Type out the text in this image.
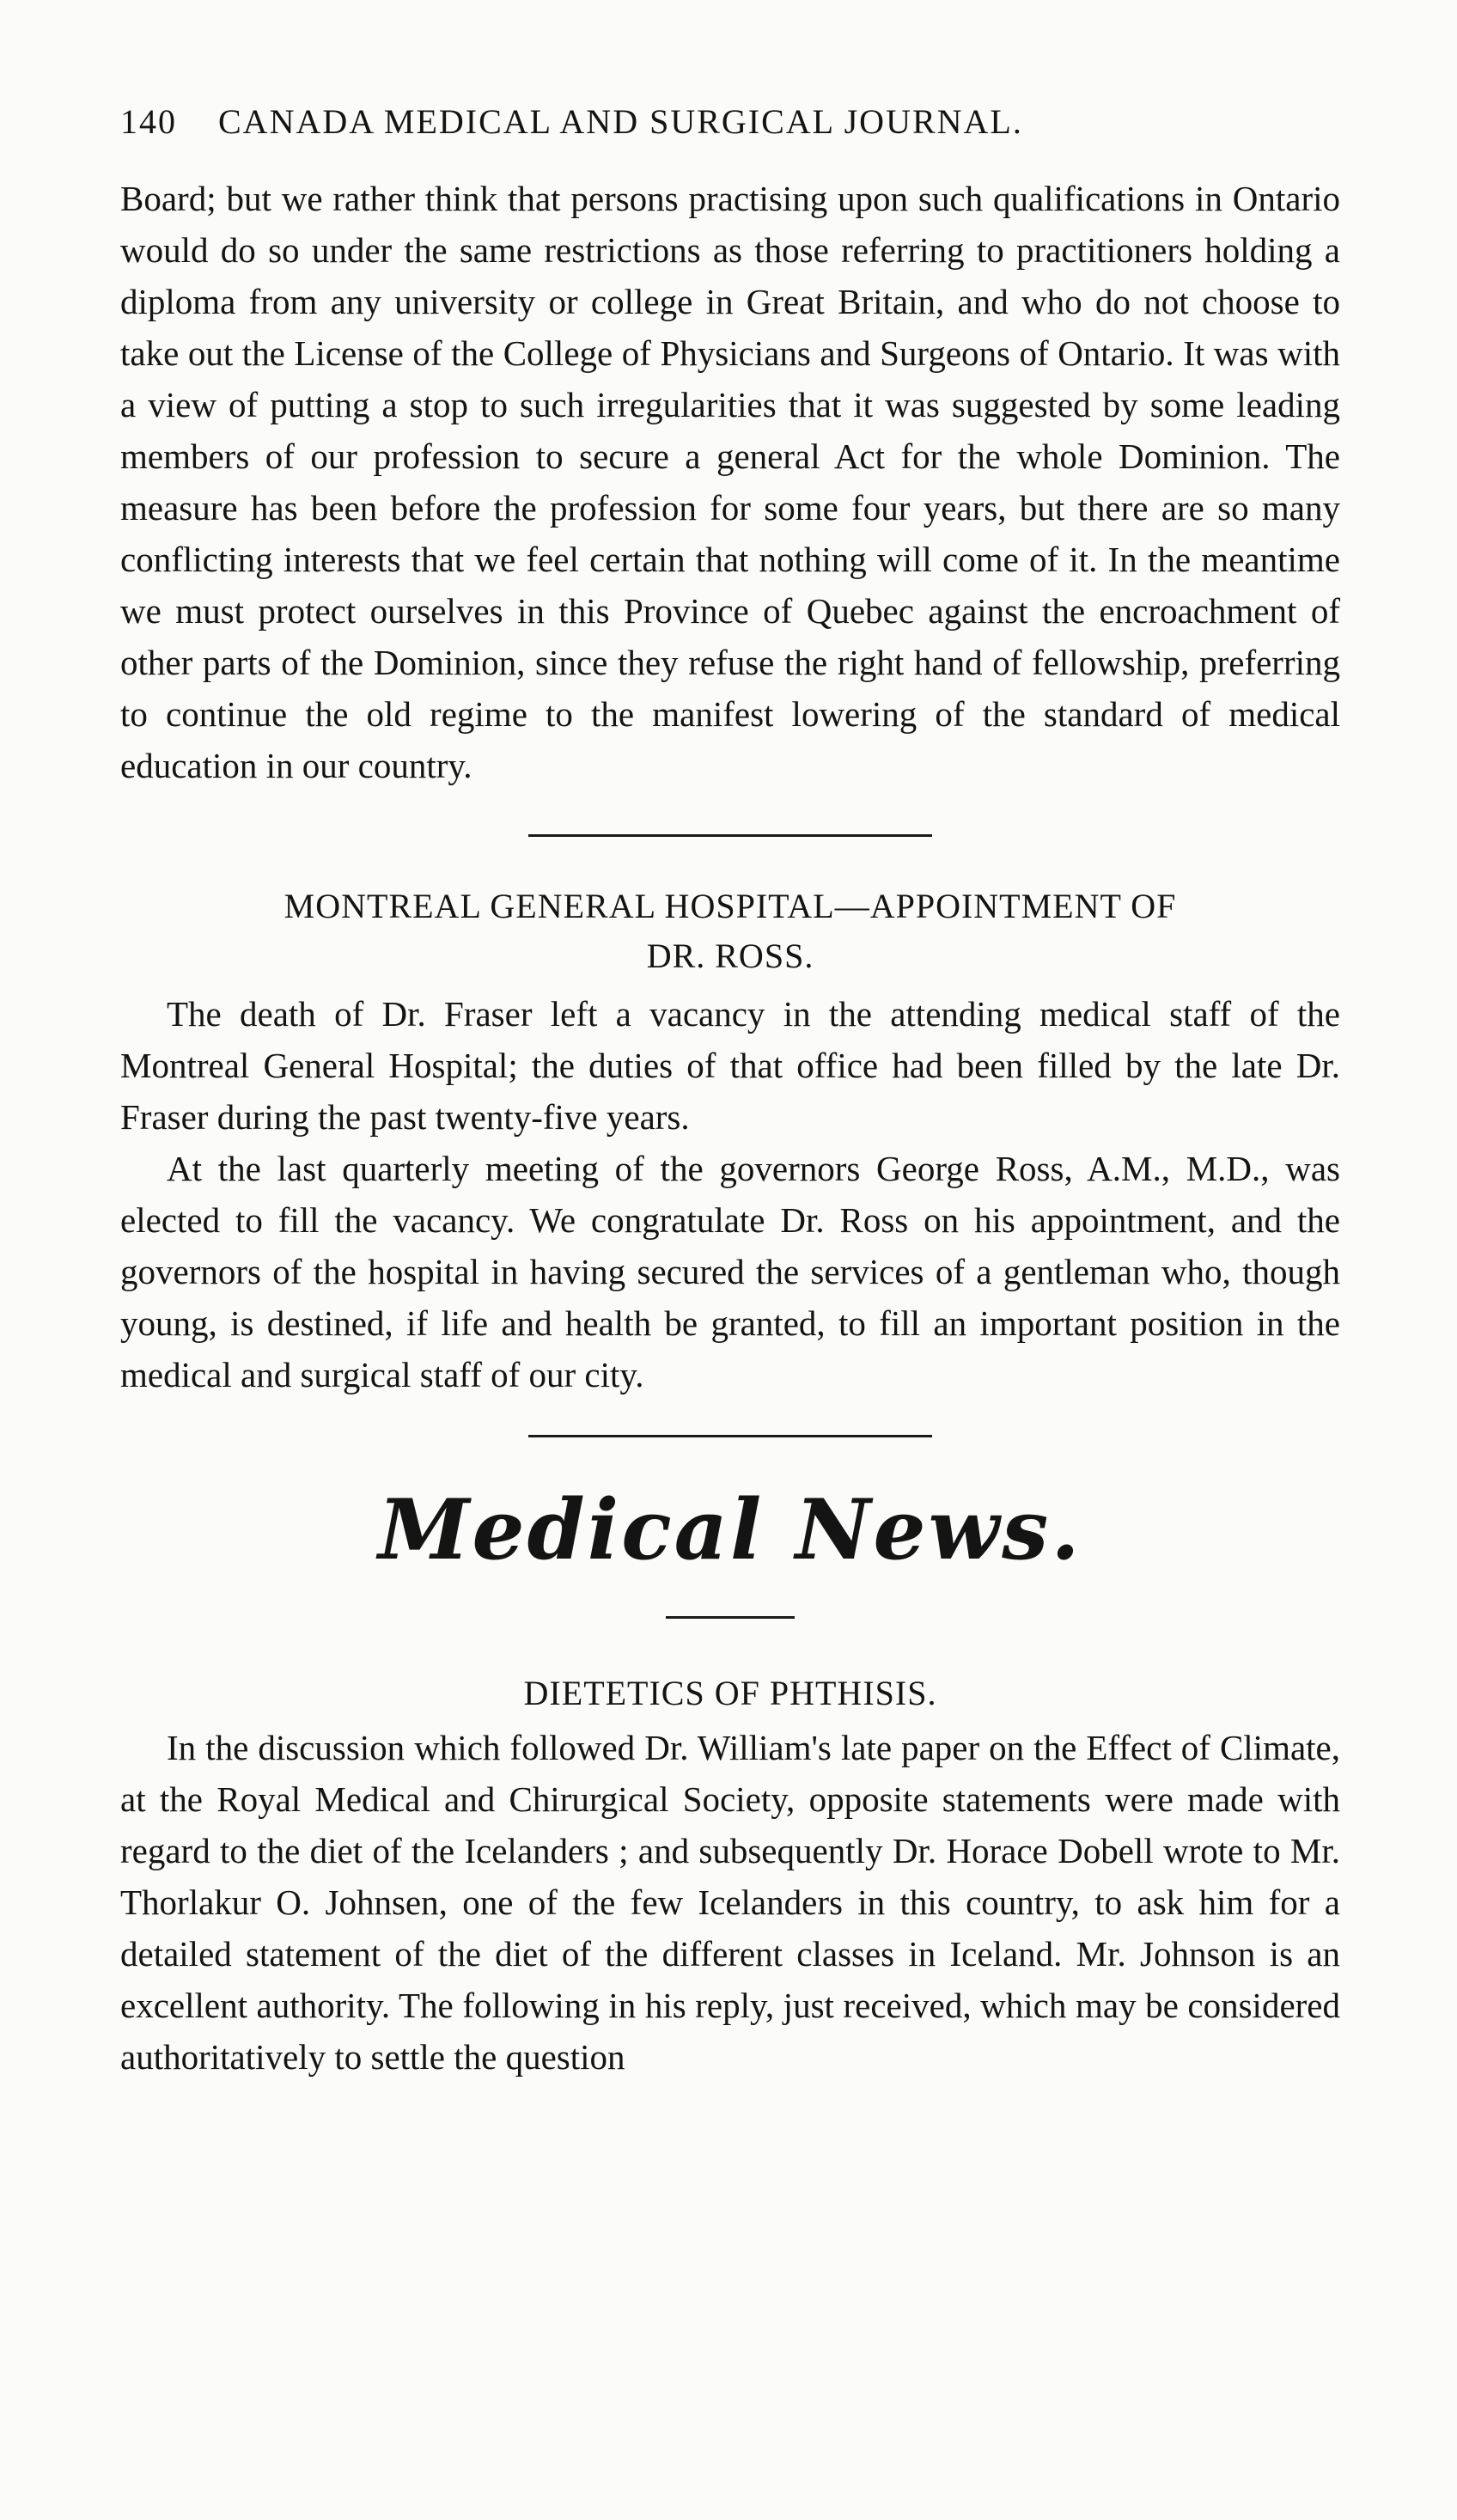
140 CANADA MEDICAL AND SURGICAL JOURNAL.

Board; but we rather think that persons practising upon such qualifications in Ontario would do so under the same restrictions as those referring to practitioners holding a diploma from any university or college in Great Britain, and who do not choose to take out the License of the College of Physicians and Surgeons of Ontario. It was with a view of putting a stop to such irregularities that it was suggested by some leading members of our profession to secure a general Act for the whole Dominion. The measure has been before the profession for some four years, but there are so many conflicting interests that we feel certain that nothing will come of it. In the meantime we must protect ourselves in this Province of Quebec against the encroachment of other parts of the Dominion, since they refuse the right hand of fellowship, preferring to continue the old regime to the manifest lowering of the standard of medical education in our country.

MONTREAL GENERAL HOSPITAL—APPOINTMENT OF
DR. ROSS.

The death of Dr. Fraser left a vacancy in the attending medical staff of the Montreal General Hospital; the duties of that office had been filled by the late Dr. Fraser during the past twenty-five years.

At the last quarterly meeting of the governors George Ross, A.M., M.D., was elected to fill the vacancy. We congratulate Dr. Ross on his appointment, and the governors of the hospital in having secured the services of a gentleman who, though young, is destined, if life and health be granted, to fill an important position in the medical and surgical staff of our city.

Medical News.
DIETETICS OF PHTHISIS.

In the discussion which followed Dr. William's late paper on the Effect of Climate, at the Royal Medical and Chirurgical Society, opposite statements were made with regard to the diet of the Icelanders ; and subsequently Dr. Horace Dobell wrote to Mr. Thorlakur O. Johnsen, one of the few Icelanders in this country, to ask him for a detailed statement of the diet of the different classes in Iceland. Mr. Johnson is an excellent authority. The following in his reply, just received, which may be considered authoritatively to settle the question
